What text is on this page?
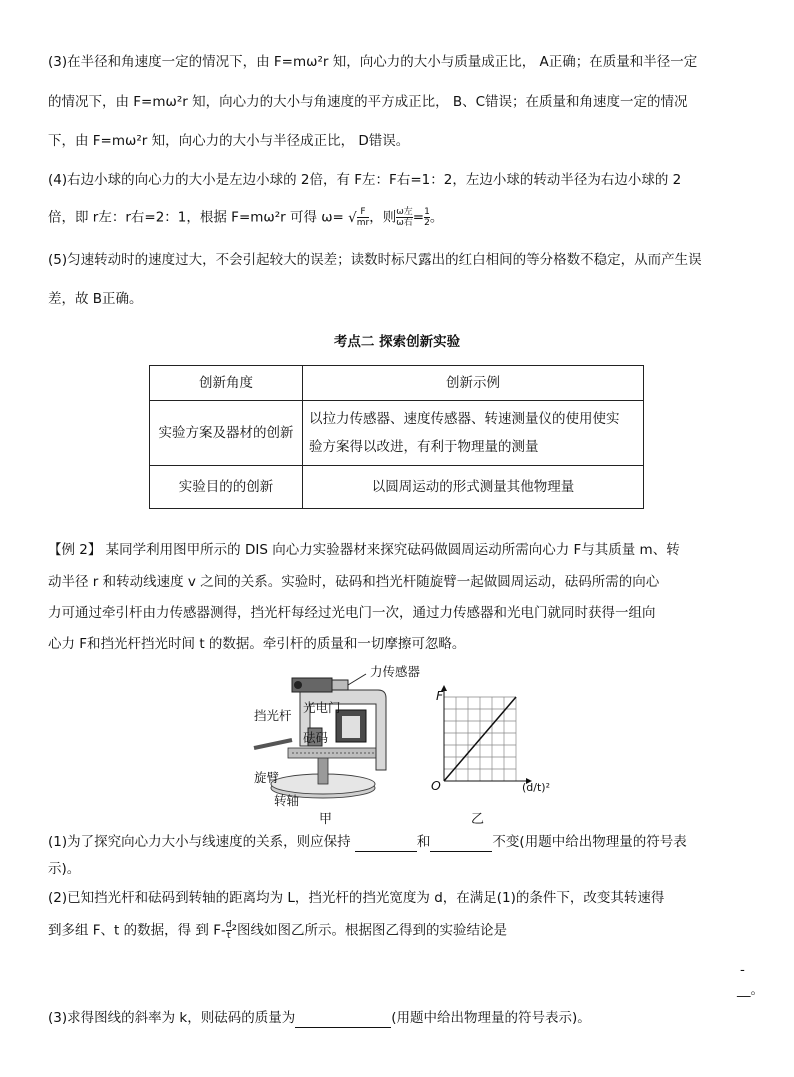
(3)在半径和角速度一定的情况下，由 F=mω²r 知，向心力的大小与质量成正比， A正确；在质量和半径一定
的情况下，由 F=mω²r 知，向心力的大小与角速度的平方成正比， B、C错误；在质量和角速度一定的情况
下，由 F=mω²r 知，向心力的大小与半径成正比， D错误。
(4)右边小球的向心力的大小是左边小球的 2倍，有 F左：F右=1：2，左边小球的转动半径为右边小球的 2
倍，即 r左：r右=2：1，根据 F=mω²r 可得 ω= √ $\frac{F}{mr}$ ，则 $\frac{\text{ω左}}{\text{ω右}} = \frac{1}{2}$ 。
(5)匀速转动时的速度过大，不会引起较大的误差；读数时标尺露出的红白相间的等分格数不稳定，从而产生误
差，故 B正确。
考点二 探索创新实验
创新角度	创新示例
实验方案及器材的创新	以拉力传感器、速度传感器、转速测量仪的使用使实验方案得以改进，有利于物理量的测量
实验目的的创新	以圆周运动的形式测量其他物理量
【例 2】 某同学利用图甲所示的 DIS 向心力实验器材来探究砝码做圆周运动所需向心力 F与其质量 m、转
动半径 r 和转动线速度 v 之间的关系。实验时，砝码和挡光杆随旋臂一起做圆周运动，砝码所需的向心
力可通过牵引杆由力传感器测得，挡光杆每经过光电门一次，通过力传感器和光电门就同时获得一组向
心力 F和挡光杆挡光时间 t 的数据。牵引杆的质量和一切摩擦可忽略。
力传感器
挡光杆
光电门
砝码
旋臂
转轴
甲
F
O	(d/t)²
乙
(1)为了探究向心力大小与线速度的关系，则应保持	和	不变(用题中给出物理量的符号表
示)。
(2)已知挡光杆和砝码到转轴的距离均为 L，挡光杆的挡光宽度为 d，在满足(1)的条件下，改变其转速得
到多组 F、t 的数据，得 到 $F- \frac{d}{t} ^2$图线如图乙所示。根据图乙得到的实验结论是
-
__。
(3)求得图线的斜率为 k，则砝码的质量为	(用题中给出物理量的符号表示)。
